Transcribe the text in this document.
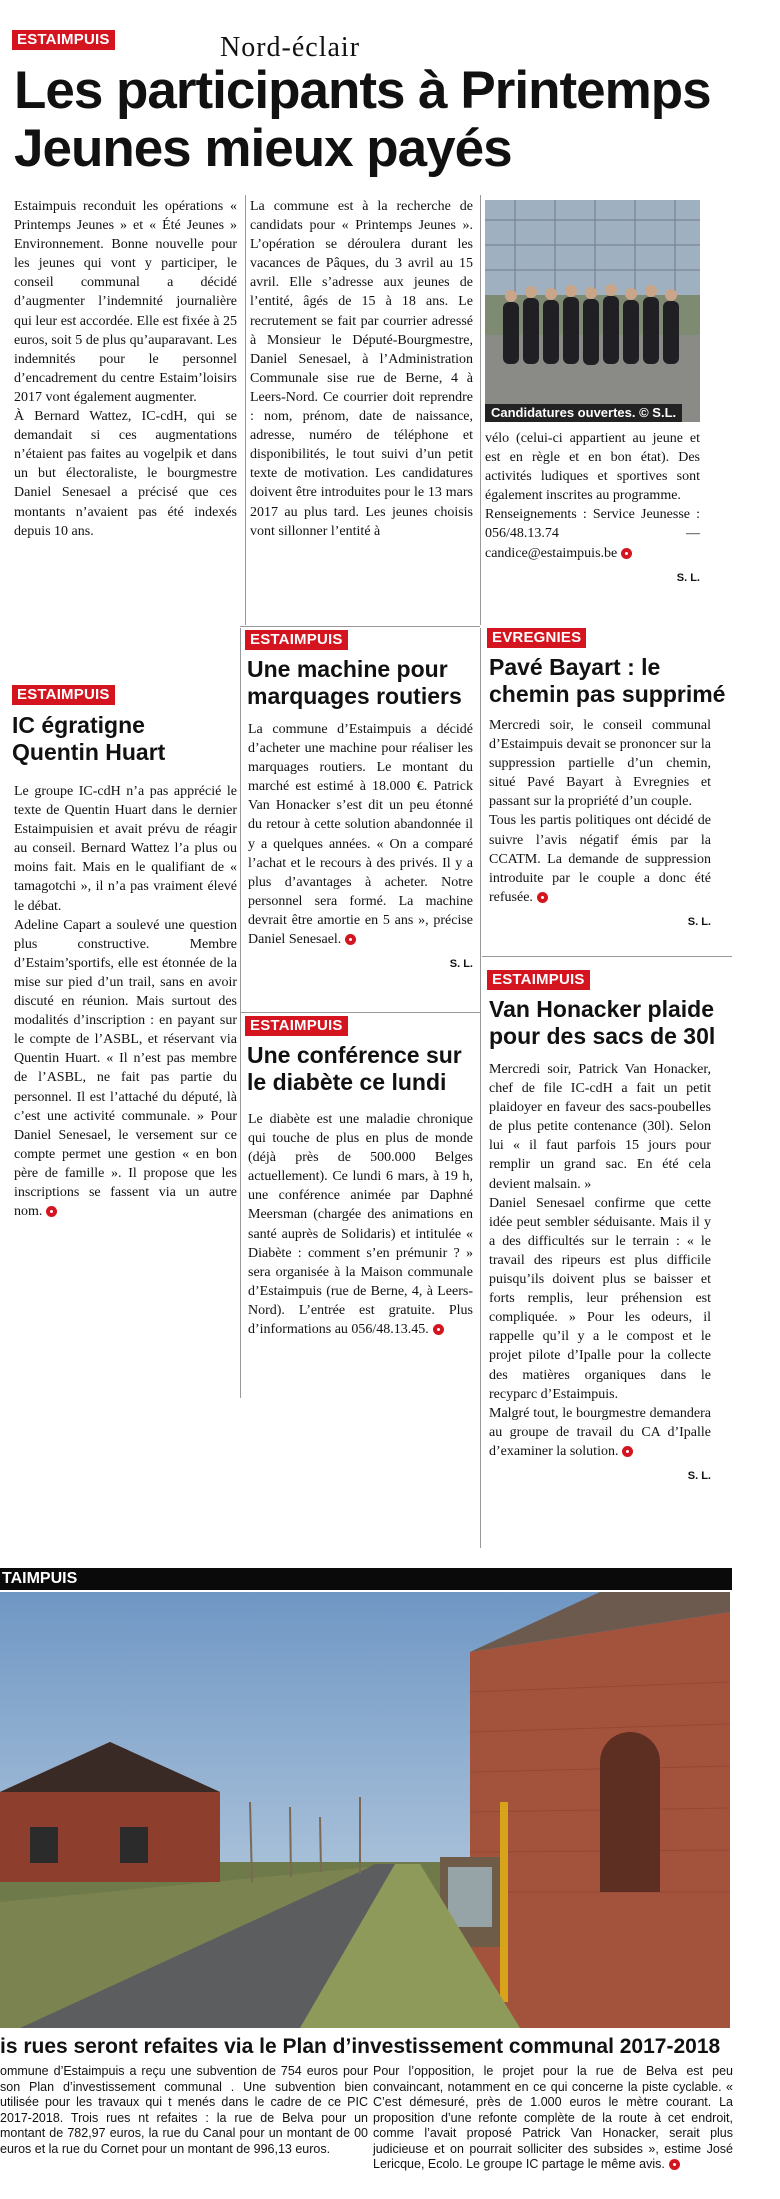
ESTAIMPUIS	Nord-éclair
Les participants à Printemps
Jeunes mieux payés

Estaimpuis reconduit les opérations « Printemps Jeunes » et « Été Jeunes » Environnement. Bonne nouvelle pour les jeunes qui vont y participer, le conseil communal a décidé d’augmenter l’indemnité journalière qui leur est accordée. Elle est fixée à 25 euros, soit 5 de plus qu’auparavant. Les indemnités pour le personnel d’encadrement du centre Estaim’loisirs 2017 vont également augmenter.

À Bernard Wattez, IC-cdH, qui se demandait si ces augmentations n’étaient pas faites au vogelpik et dans un but électoraliste, le bourgmestre Daniel Senesael a précisé que ces montants n’avaient pas été indexés depuis 10 ans.

La commune est à la recherche de candidats pour « Printemps Jeunes ». L’opération se déroulera durant les vacances de Pâques, du 3 avril au 15 avril. Elle s’adresse aux jeunes de l’entité, âgés de 15 à 18 ans. Le recrutement se fait par courrier adressé à Monsieur le Député-Bourgmestre, Daniel Senesael, à l’Administration Communale sise rue de Berne, 4 à Leers-Nord. Ce courrier doit reprendre : nom, prénom, date de naissance, adresse, numéro de téléphone et disponibilités, le tout suivi d’un petit texte de motivation. Les candidatures doivent être introduites pour le 13 mars 2017 au plus tard. Les jeunes choisis vont sillonner l’entité à

Candidatures ouvertes. © S.L.

vélo (celui-ci appartient au jeune et est en règle et en bon état). Des activités ludiques et sportives sont également inscrites au programme.

Renseignements : Service Jeunesse : 056/48.13.74 — candice@estaimpuis.be

S. L.

ESTAIMPUIS
IC égratigne
Quentin Huart

Le groupe IC-cdH n’a pas apprécié le texte de Quentin Huart dans le dernier Estaimpuisien et avait prévu de réagir au conseil. Bernard Wattez l’a plus ou moins fait. Mais en le qualifiant de « tamagotchi », il n’a pas vraiment élevé le débat.

Adeline Capart a soulevé une question plus constructive. Membre d’Estaim’sportifs, elle est étonnée de la mise sur pied d’un trail, sans en avoir discuté en réunion. Mais surtout des modalités d’inscription : en payant sur le compte de l’ASBL, et réservant via Quentin Huart. « Il n’est pas membre de l’ASBL, ne fait pas partie du personnel. Il est l’attaché du député, là c’est une activité communale. » Pour Daniel Senesael, le versement sur ce compte permet une gestion « en bon père de famille ». Il propose que les inscriptions se fassent via un autre nom.

ESTAIMPUIS
Une machine pour
marquages routiers

La commune d’Estaimpuis a décidé d’acheter une machine pour réaliser les marquages routiers. Le montant du marché est estimé à 18.000 €. Patrick Van Honacker s’est dit un peu étonné du retour à cette solution abandonnée il y a quelques années. « On a comparé l’achat et le recours à des privés. Il y a plus d’avantages à acheter. Notre personnel sera formé. La machine devrait être amortie en 5 ans », précise Daniel Senesael.

S. L.

ESTAIMPUIS
Une conférence sur
le diabète ce lundi

Le diabète est une maladie chronique qui touche de plus en plus de monde (déjà près de 500.000 Belges actuellement). Ce lundi 6 mars, à 19 h, une conférence animée par Daphné Meersman (chargée des animations en santé auprès de Solidaris) et intitulée « Diabète : comment s’en prémunir ? » sera organisée à la Maison communale d’Estaimpuis (rue de Berne, 4, à Leers-Nord). L’entrée est gratuite. Plus d’informations au 056/48.13.45.

EVREGNIES
Pavé Bayart : le
chemin pas supprimé

Mercredi soir, le conseil communal d’Estaimpuis devait se prononcer sur la suppression partielle d’un chemin, situé Pavé Bayart à Evregnies et passant sur la propriété d’un couple.

Tous les partis politiques ont décidé de suivre l’avis négatif émis par la CCATM. La demande de suppression introduite par le couple a donc été refusée.

S. L.

ESTAIMPUIS
Van Honacker plaide
pour des sacs de 30l

Mercredi soir, Patrick Van Honacker, chef de file IC-cdH a fait un petit plaidoyer en faveur des sacs-poubelles de plus petite contenance (30l). Selon lui « il faut parfois 15 jours pour remplir un grand sac. En été cela devient malsain. »

Daniel Senesael confirme que cette idée peut sembler séduisante. Mais il y a des difficultés sur le terrain : « le travail des ripeurs est plus difficile puisqu’ils doivent plus se baisser et forts remplis, leur préhension est compliquée. » Pour les odeurs, il rappelle qu’il y a le compost et le projet pilote d’Ipalle pour la collecte des matières organiques dans le recyparc d’Estaimpuis.

Malgré tout, le bourgmestre demandera au groupe de travail du CA d’Ipalle d’examiner la solution.

S. L.

TAIMPUIS
is rues seront refaites via le Plan d’investissement communal 2017-2018
ommune d’Estaimpuis a reçu une subvention de 754 euros pour son Plan d’investissement communal . Une subvention bien utilisée pour les travaux qui t menés dans le cadre de ce PIC 2017-2018. Trois rues nt refaites : la rue de Belva pour un montant de 782,97 euros, la rue du Canal pour un montant de 00 euros et la rue du Cornet pour un montant de 996,13 euros.
Pour l’opposition, le projet pour la rue de Belva est peu convaincant, notamment en ce qui concerne la piste cyclable. « C’est démesuré, près de 1.000 euros le mètre courant. La proposition d’une refonte complète de la route à cet endroit, comme l’avait proposé Patrick Van Honacker, serait plus judicieuse et on pourrait solliciter des subsides », estime José Lericque, Ecolo. Le groupe IC partage le même avis.
